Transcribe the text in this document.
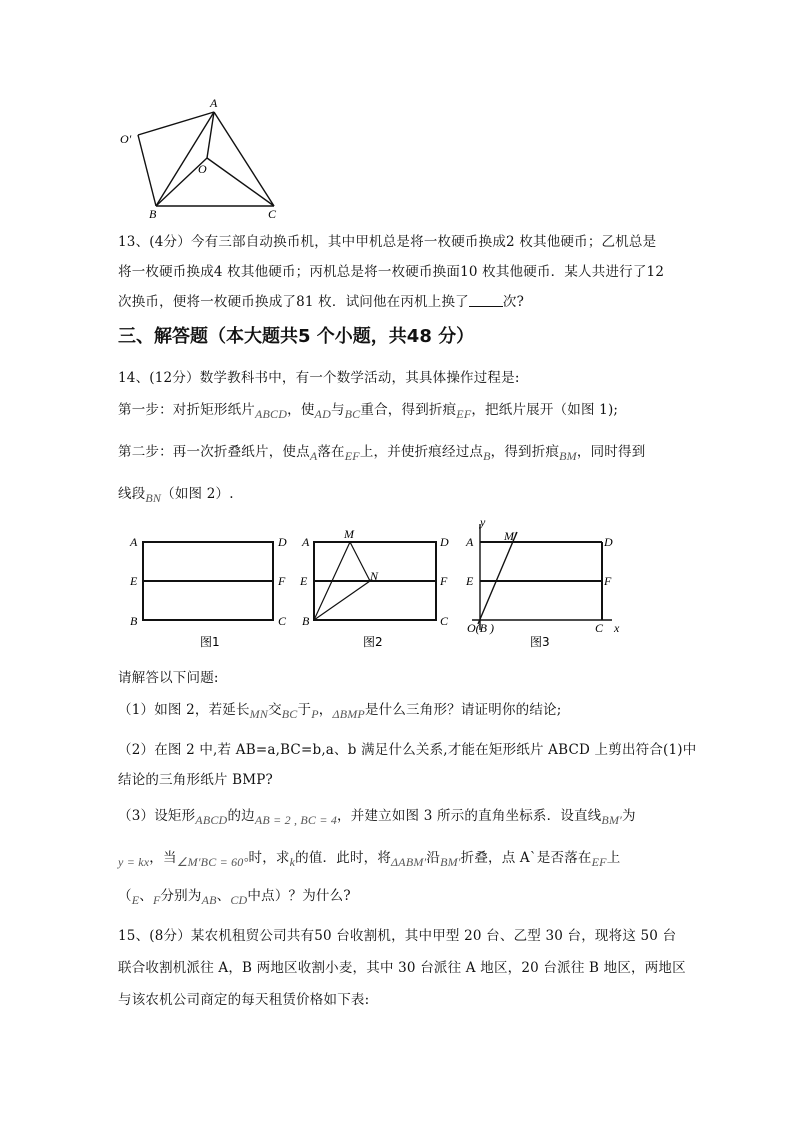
A
O′
O
B	C
13、(4分）今有三部自动换币机，其中甲机总是将一枚硬币换成2 枚其他硬币；乙机总是
将一枚硬币换成4 枚其他硬币；丙机总是将一枚硬币换面10 枚其他硬币．某人共进行了12
次换币，便将一枚硬币换成了81 枚．试问他在丙机上换了	次?
三、解答题（本大题共5 个小题，共48 分）
14、(12分）数学教科书中，有一个数学活动，其具体操作过程是:
第一步：对折矩形纸片ABCD，使AD与BC重合，得到折痕EF，把纸片展开（如图 1);
第二步：再一次折叠纸片，使点A落在EF上，并使折痕经过点B，得到折痕BM，同时得到
线段BN（如图 2）.
A	D
E	F
B	C
图1
A
M
D
E	N	F
B	C
图2
y
M′
A	D
E	F
O(B )	C x
图3
请解答以下问题:
（1）如图 2，若延长MN交BC于P，ΔBMP是什么三角形？请证明你的结论;
（2）在图 2 中,若 AB=a,BC=b,a、b 满足什么关系,才能在矩形纸片 ABCD 上剪出符合(1)中
结论的三角形纸片 BMP?
（3）设矩形ABCD的边AB = 2 , BC = 4，并建立如图 3 所示的直角坐标系．设直线BM′为
y = kx，当∠M′BC = 60°时，求k的值．此时，将ΔABM′沿BM′折叠，点 A`是否落在EF上
（E、F分别为AB、CD中点）？为什么?
15、(8分）某农机租贸公司共有50 台收割机，其中甲型 20 台、乙型 30 台，现将这 50 台
联合收割机派往 A，B 两地区收割小麦，其中 30 台派往 A 地区，20 台派往 B 地区，两地区
与该农机公司商定的每天租赁价格如下表:
